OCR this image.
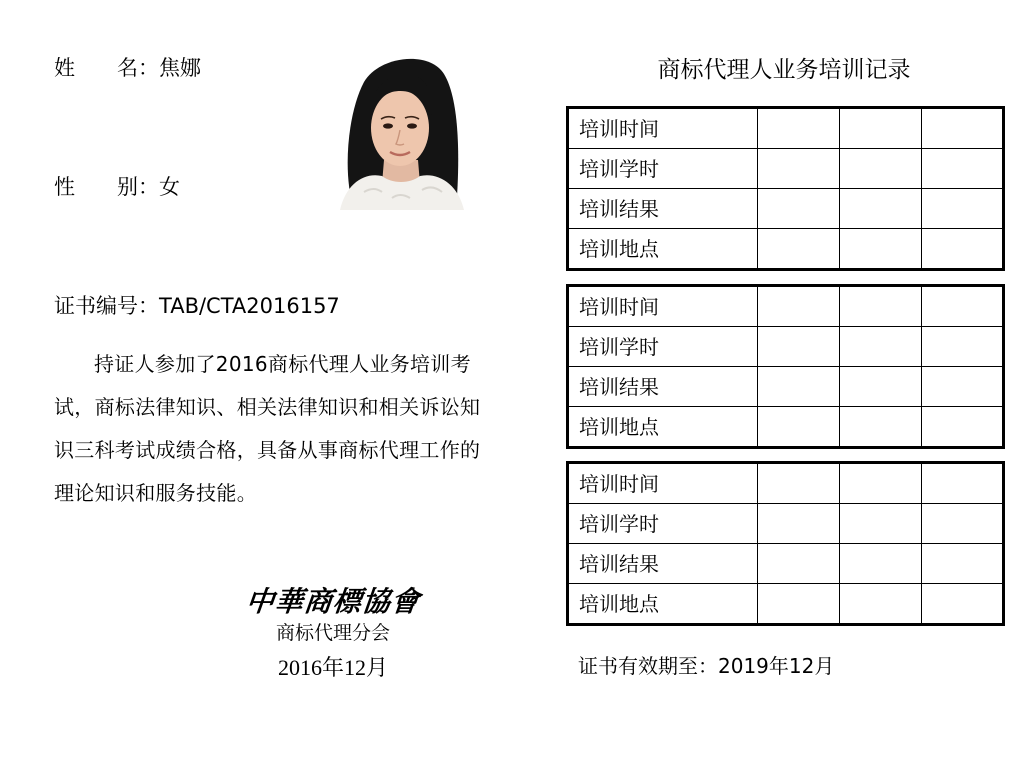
姓　　名：焦娜
性　　别：女
证书编号：TAB/CTA2016157
持证人参加了2016商标代理人业务培训考试，商标法律知识、相关法律知识和相关诉讼知识三科考试成绩合格，具备从事商标代理工作的理论知识和服务技能。
中華商標協會
商标代理分会
2016年12月
商标代理人业务培训记录
培训时间			
培训学时			
培训结果			
培训地点			
培训时间			
培训学时			
培训结果			
培训地点			
培训时间			
培训学时			
培训结果			
培训地点			
证书有效期至：2019年12月
